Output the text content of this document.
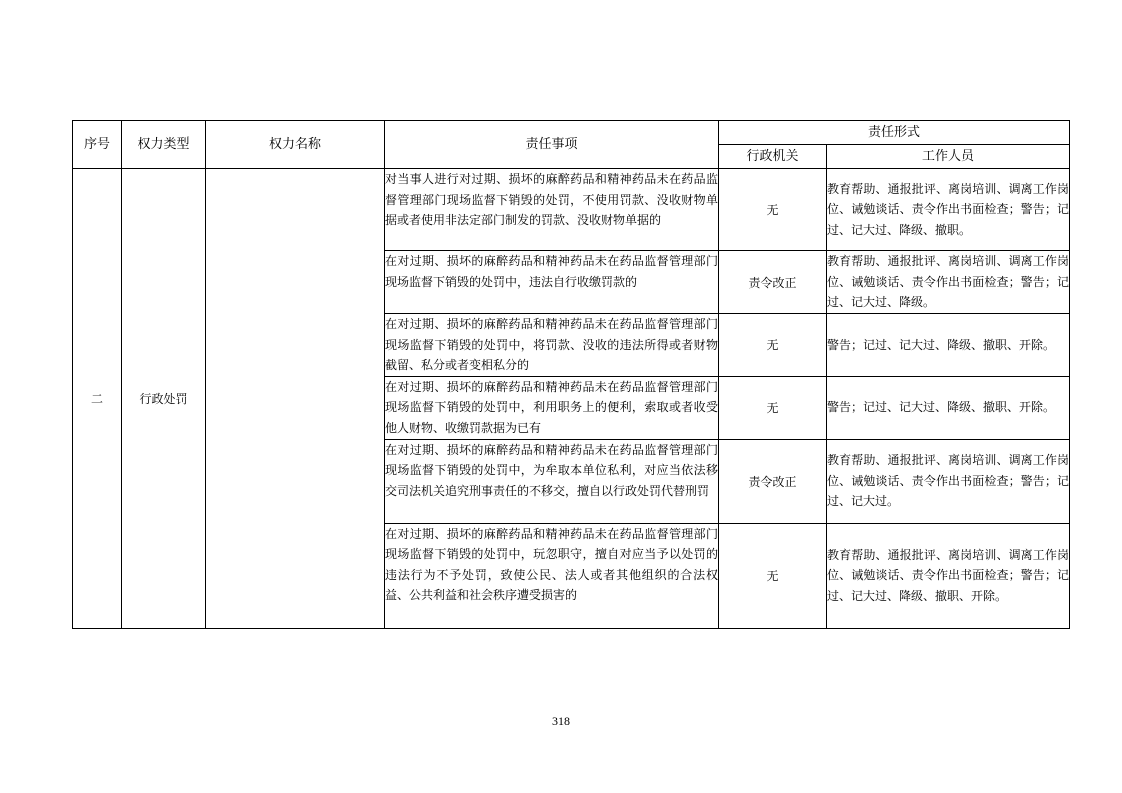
序号	权力类型	权力名称	责任事项	责任形式	
				行政机关	工作人员
二	行政处罚		对当事人进行对过期、损坏的麻醉药品和精神药品未在药品监督管理部门现场监督下销毁的处罚，不使用罚款、没收财物单据或者使用非法定部门制发的罚款、没收财物单据的	无	教育帮助、通报批评、离岗培训、调离工作岗位、诫勉谈话、责令作出书面检查；警告；记过、记大过、降级、撤职。
			在对过期、损坏的麻醉药品和精神药品未在药品监督管理部门现场监督下销毁的处罚中，违法自行收缴罚款的	责令改正	教育帮助、通报批评、离岗培训、调离工作岗位、诫勉谈话、责令作出书面检查；警告；记过、记大过、降级。
			在对过期、损坏的麻醉药品和精神药品未在药品监督管理部门现场监督下销毁的处罚中，将罚款、没收的违法所得或者财物截留、私分或者变相私分的	无	警告；记过、记大过、降级、撤职、开除。
			在对过期、损坏的麻醉药品和精神药品未在药品监督管理部门现场监督下销毁的处罚中，利用职务上的便利，索取或者收受他人财物、收缴罚款据为已有	无	警告；记过、记大过、降级、撤职、开除。
			在对过期、损坏的麻醉药品和精神药品未在药品监督管理部门现场监督下销毁的处罚中，为牟取本单位私利，对应当依法移交司法机关追究刑事责任的不移交，擅自以行政处罚代替刑罚	责令改正	教育帮助、通报批评、离岗培训、调离工作岗位、诫勉谈话、责令作出书面检查；警告；记过、记大过。
			在对过期、损坏的麻醉药品和精神药品未在药品监督管理部门现场监督下销毁的处罚中，玩忽职守，擅自对应当予以处罚的违法行为不予处罚，致使公民、法人或者其他组织的合法权益、公共利益和社会秩序遭受损害的	无	教育帮助、通报批评、离岗培训、调离工作岗位、诫勉谈话、责令作出书面检查；警告；记过、记大过、降级、撤职、开除。
318
